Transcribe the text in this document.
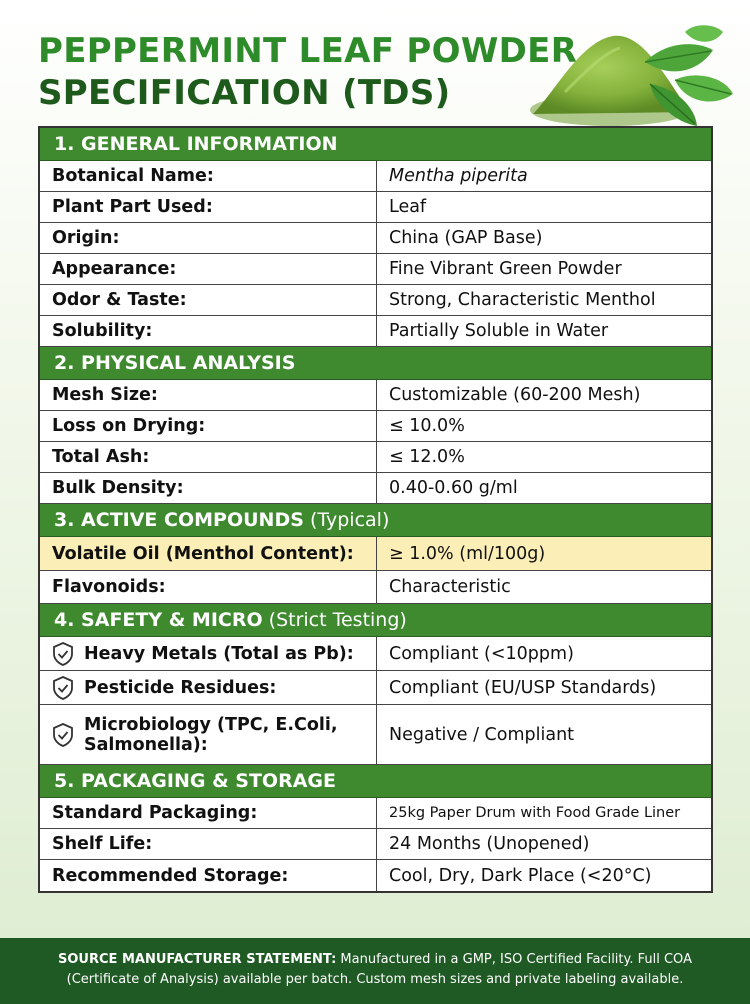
PEPPERMINT LEAF POWDER
SPECIFICATION (TDS)
1. GENERAL INFORMATION
Botanical Name:	Mentha piperita
Plant Part Used:	Leaf
Origin:	China (GAP Base)
Appearance:	Fine Vibrant Green Powder
Odor & Taste:	Strong, Characteristic Menthol
Solubility:	Partially Soluble in Water
2. PHYSICAL ANALYSIS
Mesh Size:	Customizable (60-200 Mesh)
Loss on Drying:	≤ 10.0%
Total Ash:	≤ 12.0%
Bulk Density:	0.40-0.60 g/ml
3. ACTIVE COMPOUNDS (Typical)
Volatile Oil (Menthol Content):	≥ 1.0% (ml/100g)
Flavonoids:	Characteristic
4. SAFETY & MICRO (Strict Testing)
Heavy Metals (Total as Pb):	Compliant (<10ppm)
Pesticide Residues:	Compliant (EU/USP Standards)
Microbiology (TPC, E.Coli, Salmonella):	Negative / Compliant
5. PACKAGING & STORAGE
Standard Packaging:	25kg Paper Drum with Food Grade Liner
Shelf Life:	24 Months (Unopened)
Recommended Storage:	Cool, Dry, Dark Place (<20°C)
SOURCE MANUFACTURER STATEMENT: Manufactured in a GMP, ISO Certified Facility. Full COA
(Certificate of Analysis) available per batch. Custom mesh sizes and private labeling available.
